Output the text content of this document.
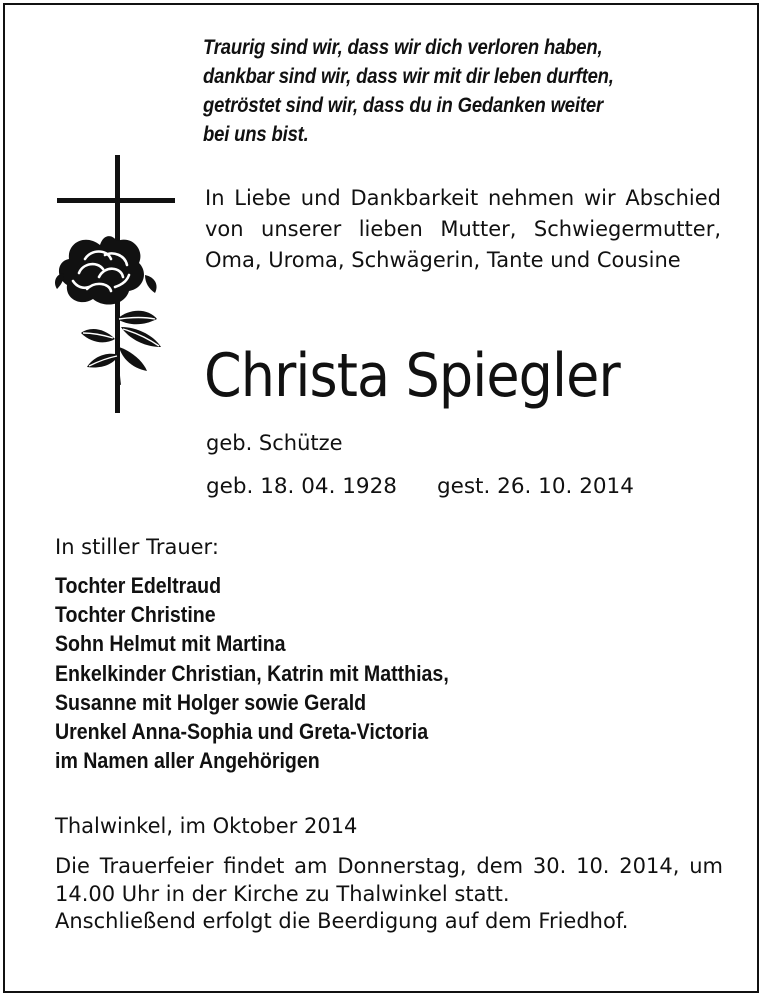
Traurig sind wir, dass wir dich verloren haben,
dankbar sind wir, dass wir mit dir leben durften,
getröstet sind wir, dass du in Gedanken weiter
bei uns bist.
In Liebe und Dankbarkeit nehmen wir Abschied von unserer lieben Mutter, Schwiegermutter, Oma, Uroma, Schwägerin, Tante und Cousine
Christa Spiegler
geb. Schütze
geb. 18. 04. 1928 gest. 26. 10. 2014
In stiller Trauer:
Tochter Edeltraud
Tochter Christine
Sohn Helmut mit Martina
Enkelkinder Christian, Katrin mit Matthias,
Susanne mit Holger sowie Gerald
Urenkel Anna-Sophia und Greta-Victoria
im Namen aller Angehörigen
Thalwinkel, im Oktober 2014
Die Trauerfeier findet am Donnerstag, dem 30. 10. 2014, um 14.00 Uhr in der Kirche zu Thalwinkel statt.
Anschließend erfolgt die Beerdigung auf dem Friedhof.
